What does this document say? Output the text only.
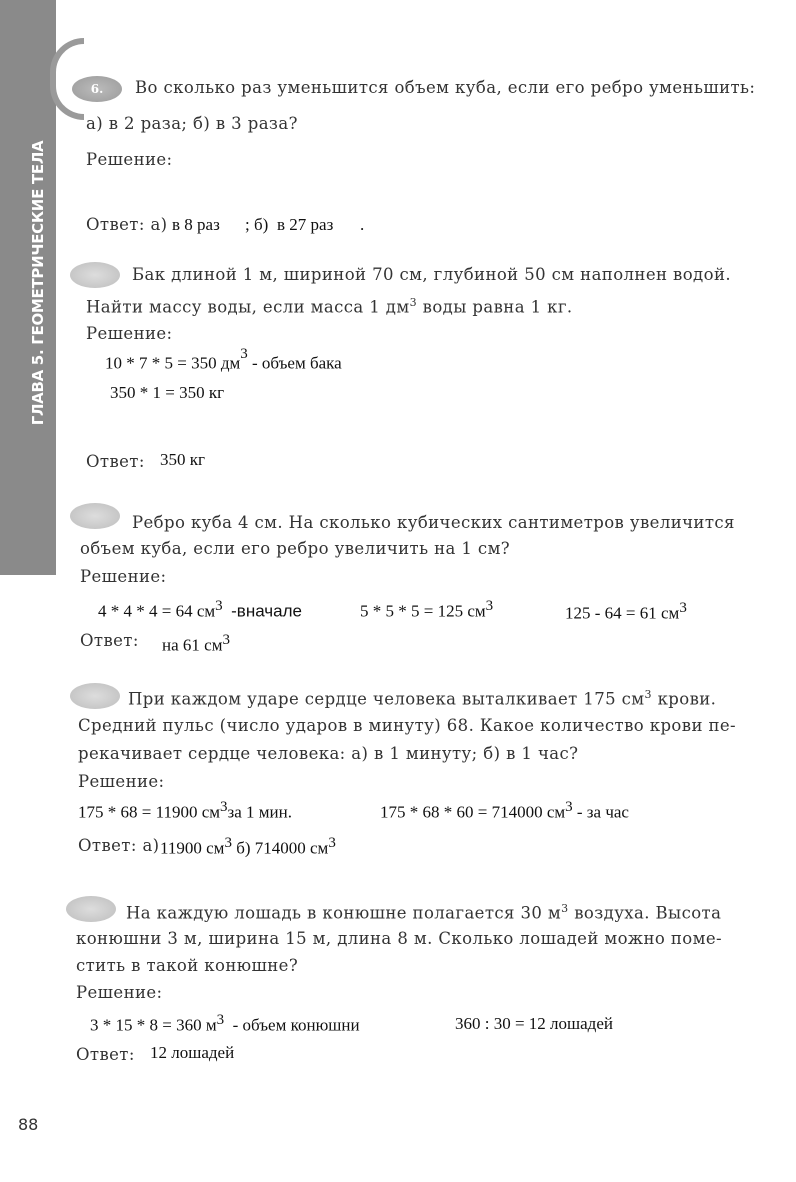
ГЛАВА 5. ГЕОМЕТРИЧЕСКИЕ ТЕЛА
6.	Во сколько раз уменьшится объем куба, если его ребро уменьшить:
а) в 2 раза; б) в 3 раза?
Решение:
Ответ: а) в 8 раз ; б) в 27 раз .
Бак длиной 1 м, шириной 70 см, глубиной 50 см наполнен водой.
Найти массу воды, если масса 1 $дм^3$ воды равна 1 кг.
Решение:
10 * 7 * 5 = 350 $дм^3$ - объем бака
350 * 1 = 350 кг
Ответ: 350 кг
Ребро куба 4 см. На сколько кубических сантиметров увеличится
объем куба, если его ребро увеличить на 1 см?
Решение:
4 * 4 * 4 = 64 $см^3$ -вначале	5 * 5 * 5 = 125 $см^3$	125 - 64 = 61 $см^3$
Ответ: на 61 $см^3$
При каждом ударе сердце человека выталкивает 175 $см^3$ крови.
Средний пульс (число ударов в минуту) 68. Какое количество крови пе-
рекачивает сердце человека: а) в 1 минуту; б) в 1 час?
Решение:
175 * 68 = 11900 $см^3за$ 1 мин.	175 * 68 * 60 = 714000 $см^3$ - за час
Ответ: а) 11900 $см^3$ б) 714000 $см^3$
На каждую лошадь в конюшне полагается 30 $м^3$ воздуха. Высота
конюшни 3 м, ширина 15 м, длина 8 м. Сколько лошадей можно поме-
стить в такой конюшне?
Решение:
3 * 15 * 8 = 360 $м^3$ - объем конюшни	360 : 30 = 12 лошадей
Ответ: 12 лошадей
88
